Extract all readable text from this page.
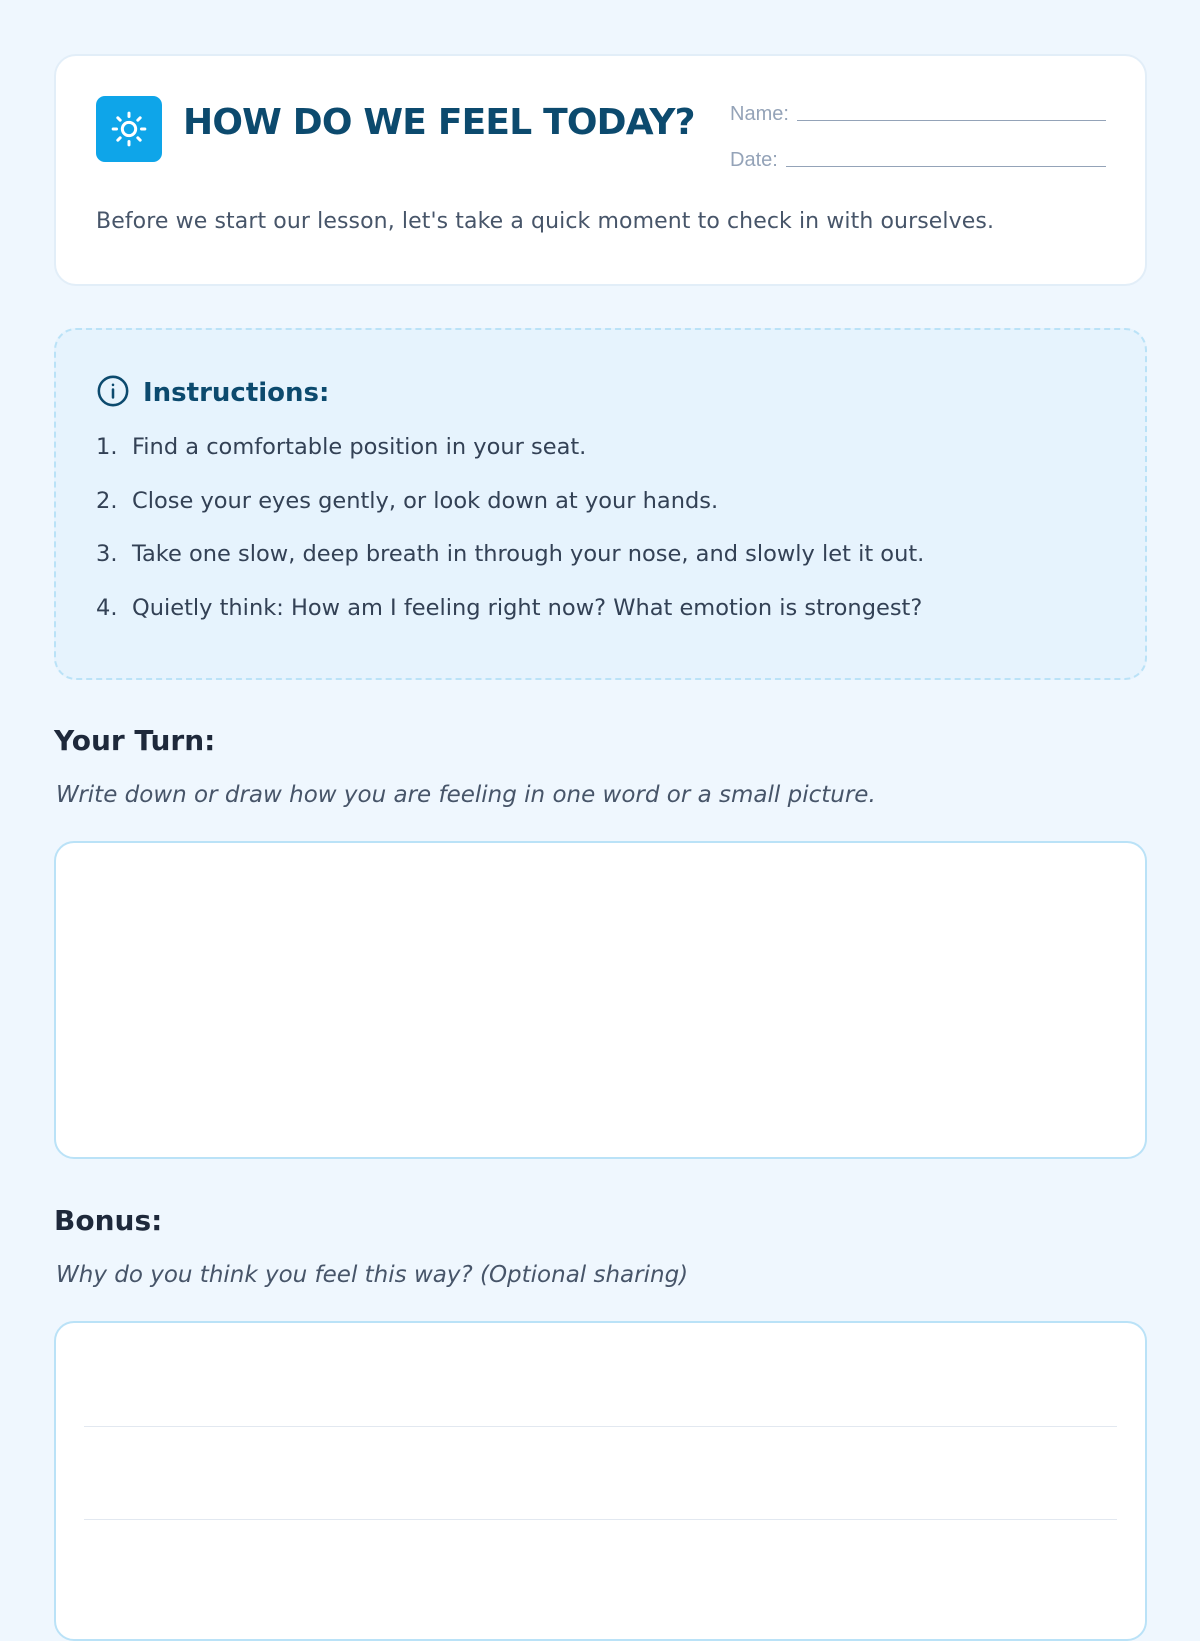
HOW DO WE FEEL TODAY? Name:
Date:

Before we start our lesson, let's take a quick moment to check in with ourselves.

Instructions:
1. Find a comfortable position in your seat.
2. Close your eyes gently, or look down at your hands.
3. Take one slow, deep breath in through your nose, and slowly let it out.
4. Quietly think: How am I feeling right now? What emotion is strongest?
Your Turn:

Write down or draw how you are feeling in one word or a small picture.

Bonus:

Why do you think you feel this way? (Optional sharing)
